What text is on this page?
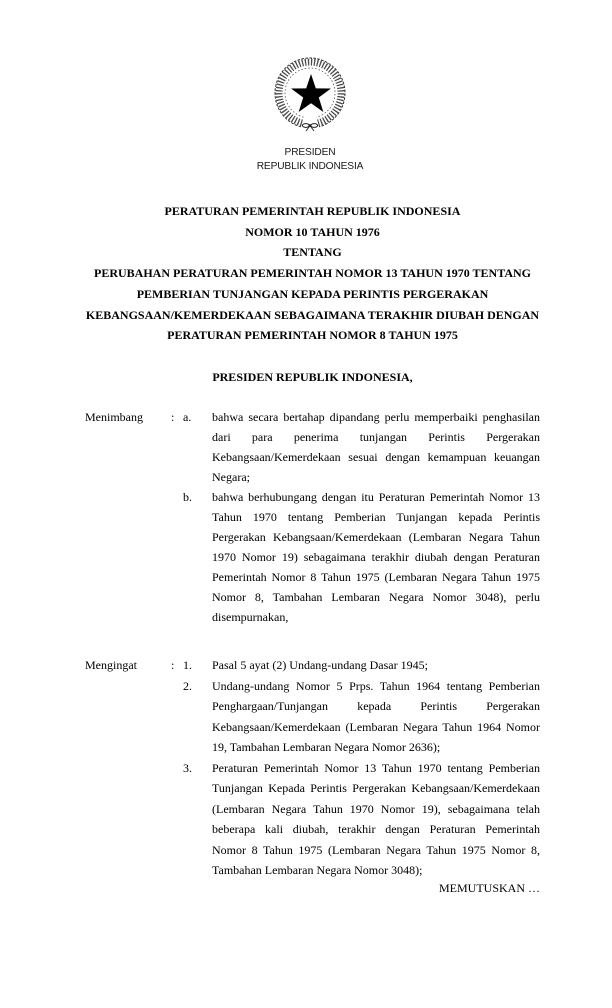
PRESIDEN
REPUBLIK INDONESIA
PERATURAN PEMERINTAH REPUBLIK INDONESIA
NOMOR 10 TAHUN 1976
TENTANG
PERUBAHAN PERATURAN PEMERINTAH NOMOR 13 TAHUN 1970 TENTANG
PEMBERIAN TUNJANGAN KEPADA PERINTIS PERGERAKAN
KEBANGSAAN/KEMERDEKAAN SEBAGAIMANA TERAKHIR DIUBAH DENGAN
PERATURAN PEMERINTAH NOMOR 8 TAHUN 1975
PRESIDEN REPUBLIK INDONESIA,
Menimbang : a. bahwa secara bertahap dipandang perlu memperbaiki penghasilan
dari para penerima tunjangan Perintis Pergerakan
Kebangsaan/Kemerdekaan sesuai dengan kemampuan keuangan
Negara;
b. bahwa berhubungang dengan itu Peraturan Pemerintah Nomor 13
Tahun 1970 tentang Pemberian Tunjangan kepada Perintis
Pergerakan Kebangsaan/Kemerdekaan (Lembaran Negara Tahun
1970 Nomor 19) sebagaimana terakhir diubah dengan Peraturan
Pemerintah Nomor 8 Tahun 1975 (Lembaran Negara Tahun 1975
Nomor 8, Tambahan Lembaran Negara Nomor 3048), perlu
disempurnakan,
Mengingat	: 1. Pasal 5 ayat (2) Undang-undang Dasar 1945;
2. Undang-undang Nomor 5 Prps. Tahun 1964 tentang Pemberian
Penghargaan/Tunjangan kepada Perintis Pergerakan
Kebangsaan/Kemerdekaan (Lembaran Negara Tahun 1964 Nomor
19, Tambahan Lembaran Negara Nomor 2636);
3. Peraturan Pemerintah Nomor 13 Tahun 1970 tentang Pemberian
Tunjangan Kepada Perintis Pergerakan Kebangsaan/Kemerdekaan
(Lembaran Negara Tahun 1970 Nomor 19), sebagaimana telah
beberapa kali diubah, terakhir dengan Peraturan Pemerintah
Nomor 8 Tahun 1975 (Lembaran Negara Tahun 1975 Nomor 8,
Tambahan Lembaran Negara Nomor 3048);
MEMUTUSKAN …
